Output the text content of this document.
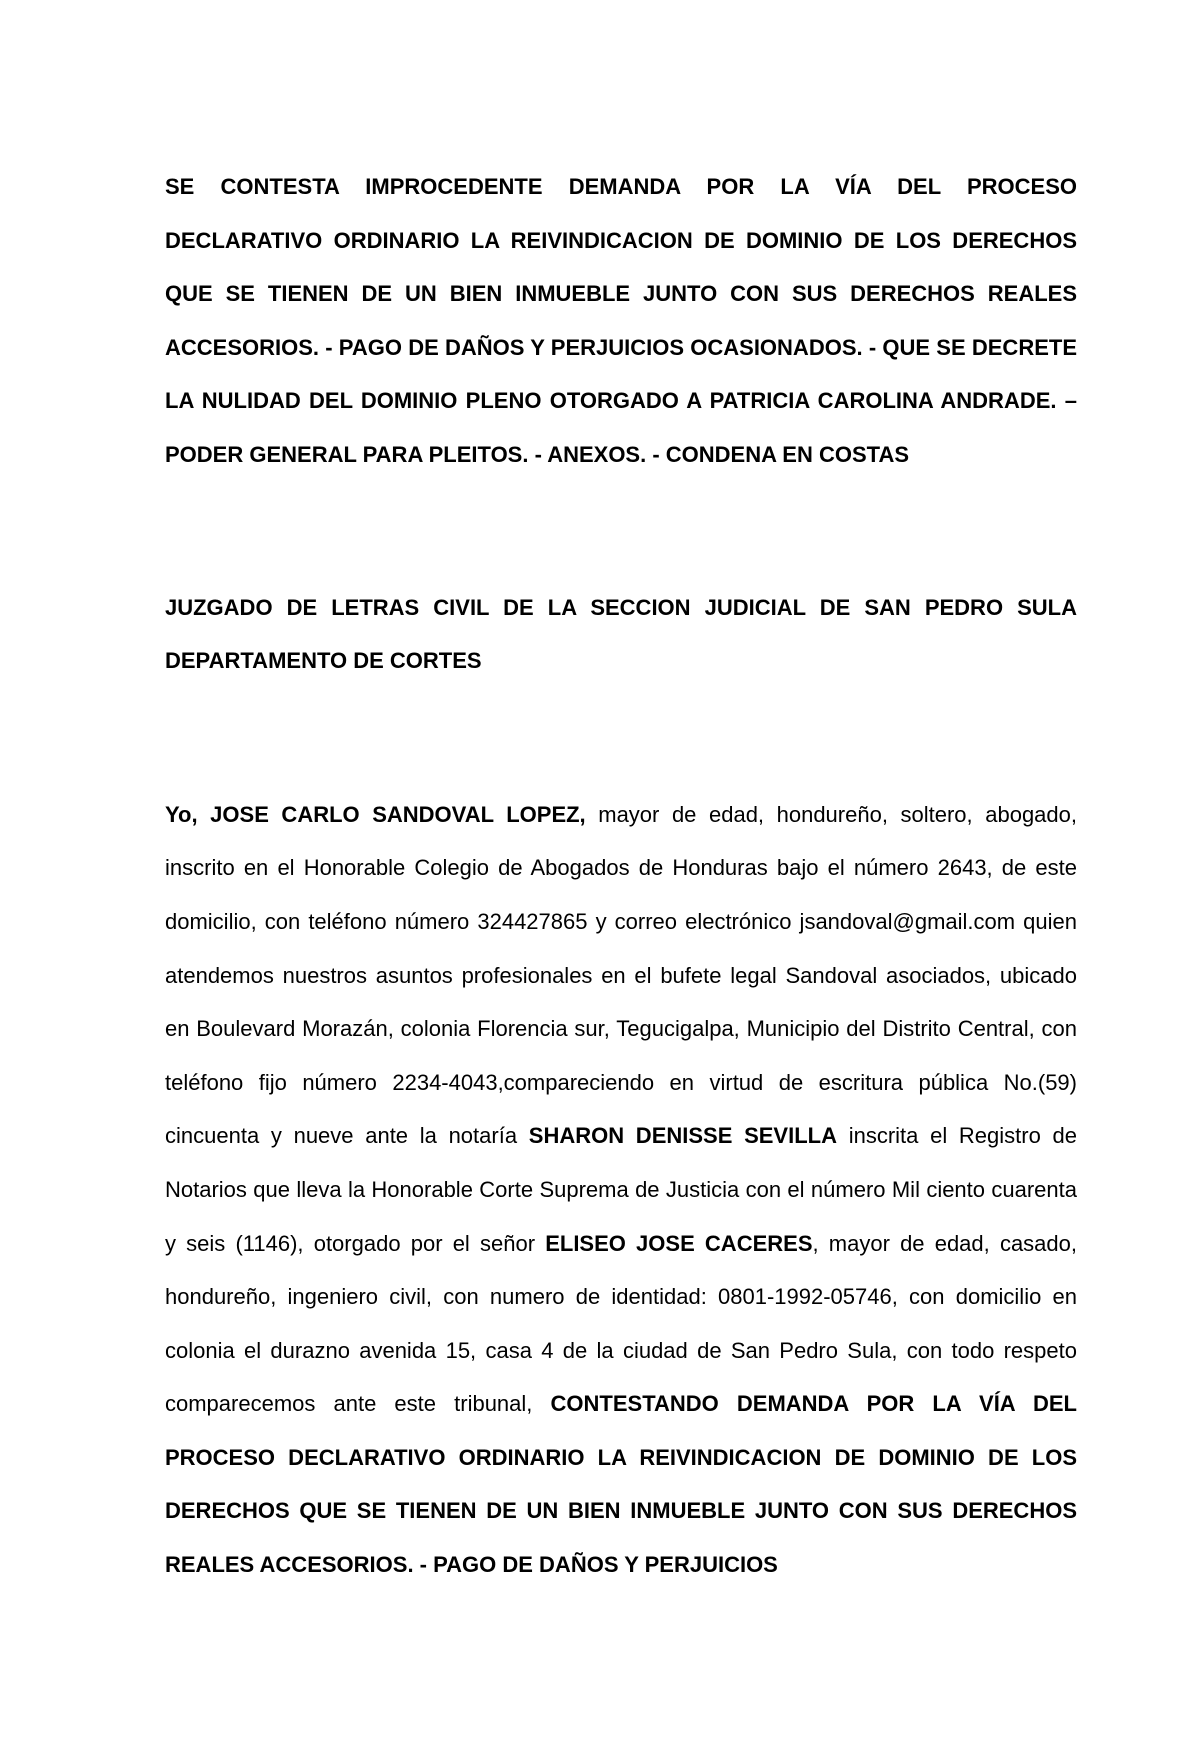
SE CONTESTA IMPROCEDENTE DEMANDA POR LA VÍA DEL PROCESO DECLARATIVO ORDINARIO LA REIVINDICACION DE DOMINIO DE LOS DERECHOS QUE SE TIENEN DE UN BIEN INMUEBLE JUNTO CON SUS DERECHOS REALES ACCESORIOS. - PAGO DE DAÑOS Y PERJUICIOS OCASIONADOS. - QUE SE DECRETE LA NULIDAD DEL DOMINIO PLENO OTORGADO A PATRICIA CAROLINA ANDRADE. – PODER GENERAL PARA PLEITOS. - ANEXOS. - CONDENA EN COSTAS

JUZGADO DE LETRAS CIVIL DE LA SECCION JUDICIAL DE SAN PEDRO SULA DEPARTAMENTO DE CORTES

Yo, JOSE CARLO SANDOVAL LOPEZ, mayor de edad, hondureño, soltero, abogado, inscrito en el Honorable Colegio de Abogados de Honduras bajo el número 2643, de este domicilio, con teléfono número 324427865 y correo electrónico jsandoval@gmail.com quien atendemos nuestros asuntos profesionales en el bufete legal Sandoval asociados, ubicado en Boulevard Morazán, colonia Florencia sur, Tegucigalpa, Municipio del Distrito Central, con teléfono fijo número 2234-4043,compareciendo en virtud de escritura pública No.(59) cincuenta y nueve ante la notaría SHARON DENISSE SEVILLA inscrita el Registro de Notarios que lleva la Honorable Corte Suprema de Justicia con el número Mil ciento cuarenta y seis (1146), otorgado por el señor ELISEO JOSE CACERES, mayor de edad, casado, hondureño, ingeniero civil, con numero de identidad: 0801-1992-05746, con domicilio en colonia el durazno avenida 15, casa 4 de la ciudad de San Pedro Sula, con todo respeto comparecemos ante este tribunal, CONTESTANDO DEMANDA POR LA VÍA DEL PROCESO DECLARATIVO ORDINARIO LA REIVINDICACION DE DOMINIO DE LOS DERECHOS QUE SE TIENEN DE UN BIEN INMUEBLE JUNTO CON SUS DERECHOS REALES ACCESORIOS. - PAGO DE DAÑOS Y PERJUICIOS
